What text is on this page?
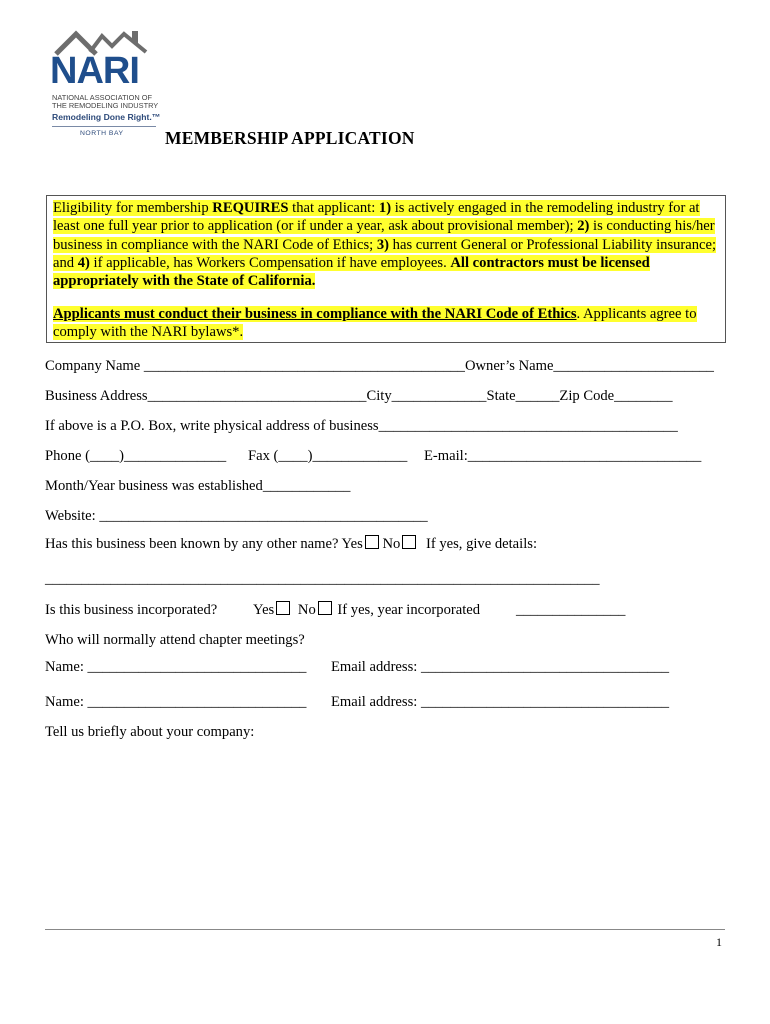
NARI
NATIONAL ASSOCIATION OF
THE REMODELING INDUSTRY
Remodeling Done Right.™
NORTH BAY MEMBERSHIP APPLICATION
Eligibility for membership REQUIRES that applicant: 1) is actively engaged in the remodeling industry for at least one full year prior to application (or if under a year, ask about provisional member); 2) is conducting his/her business in compliance with the NARI Code of Ethics; 3) has current General or Professional Liability insurance; and 4) if applicable, has Workers Compensation if have employees. All contractors must be licensed appropriately with the State of California.
Applicants must conduct their business in compliance with the NARI Code of Ethics. Applicants agree to comply with the NARI bylaws*.
Company Name ____________________________________________Owner’s Name______________________
Business Address______________________________City_____________State______Zip Code________
If above is a P.O. Box, write physical address of business_________________________________________
Phone (____)______________ Fax (____)_____________ E-mail:________________________________
Month/Year business was established____________
Website: _____________________________________________
Has this business been known by any other name? Yes No If yes, give details:
____________________________________________________________________________
Is this business incorporated? Yes No If yes, year incorporated _______________
Who will normally attend chapter meetings?
Name: ______________________________ Email address: __________________________________
Name: ______________________________ Email address: __________________________________
Tell us briefly about your company:
1
